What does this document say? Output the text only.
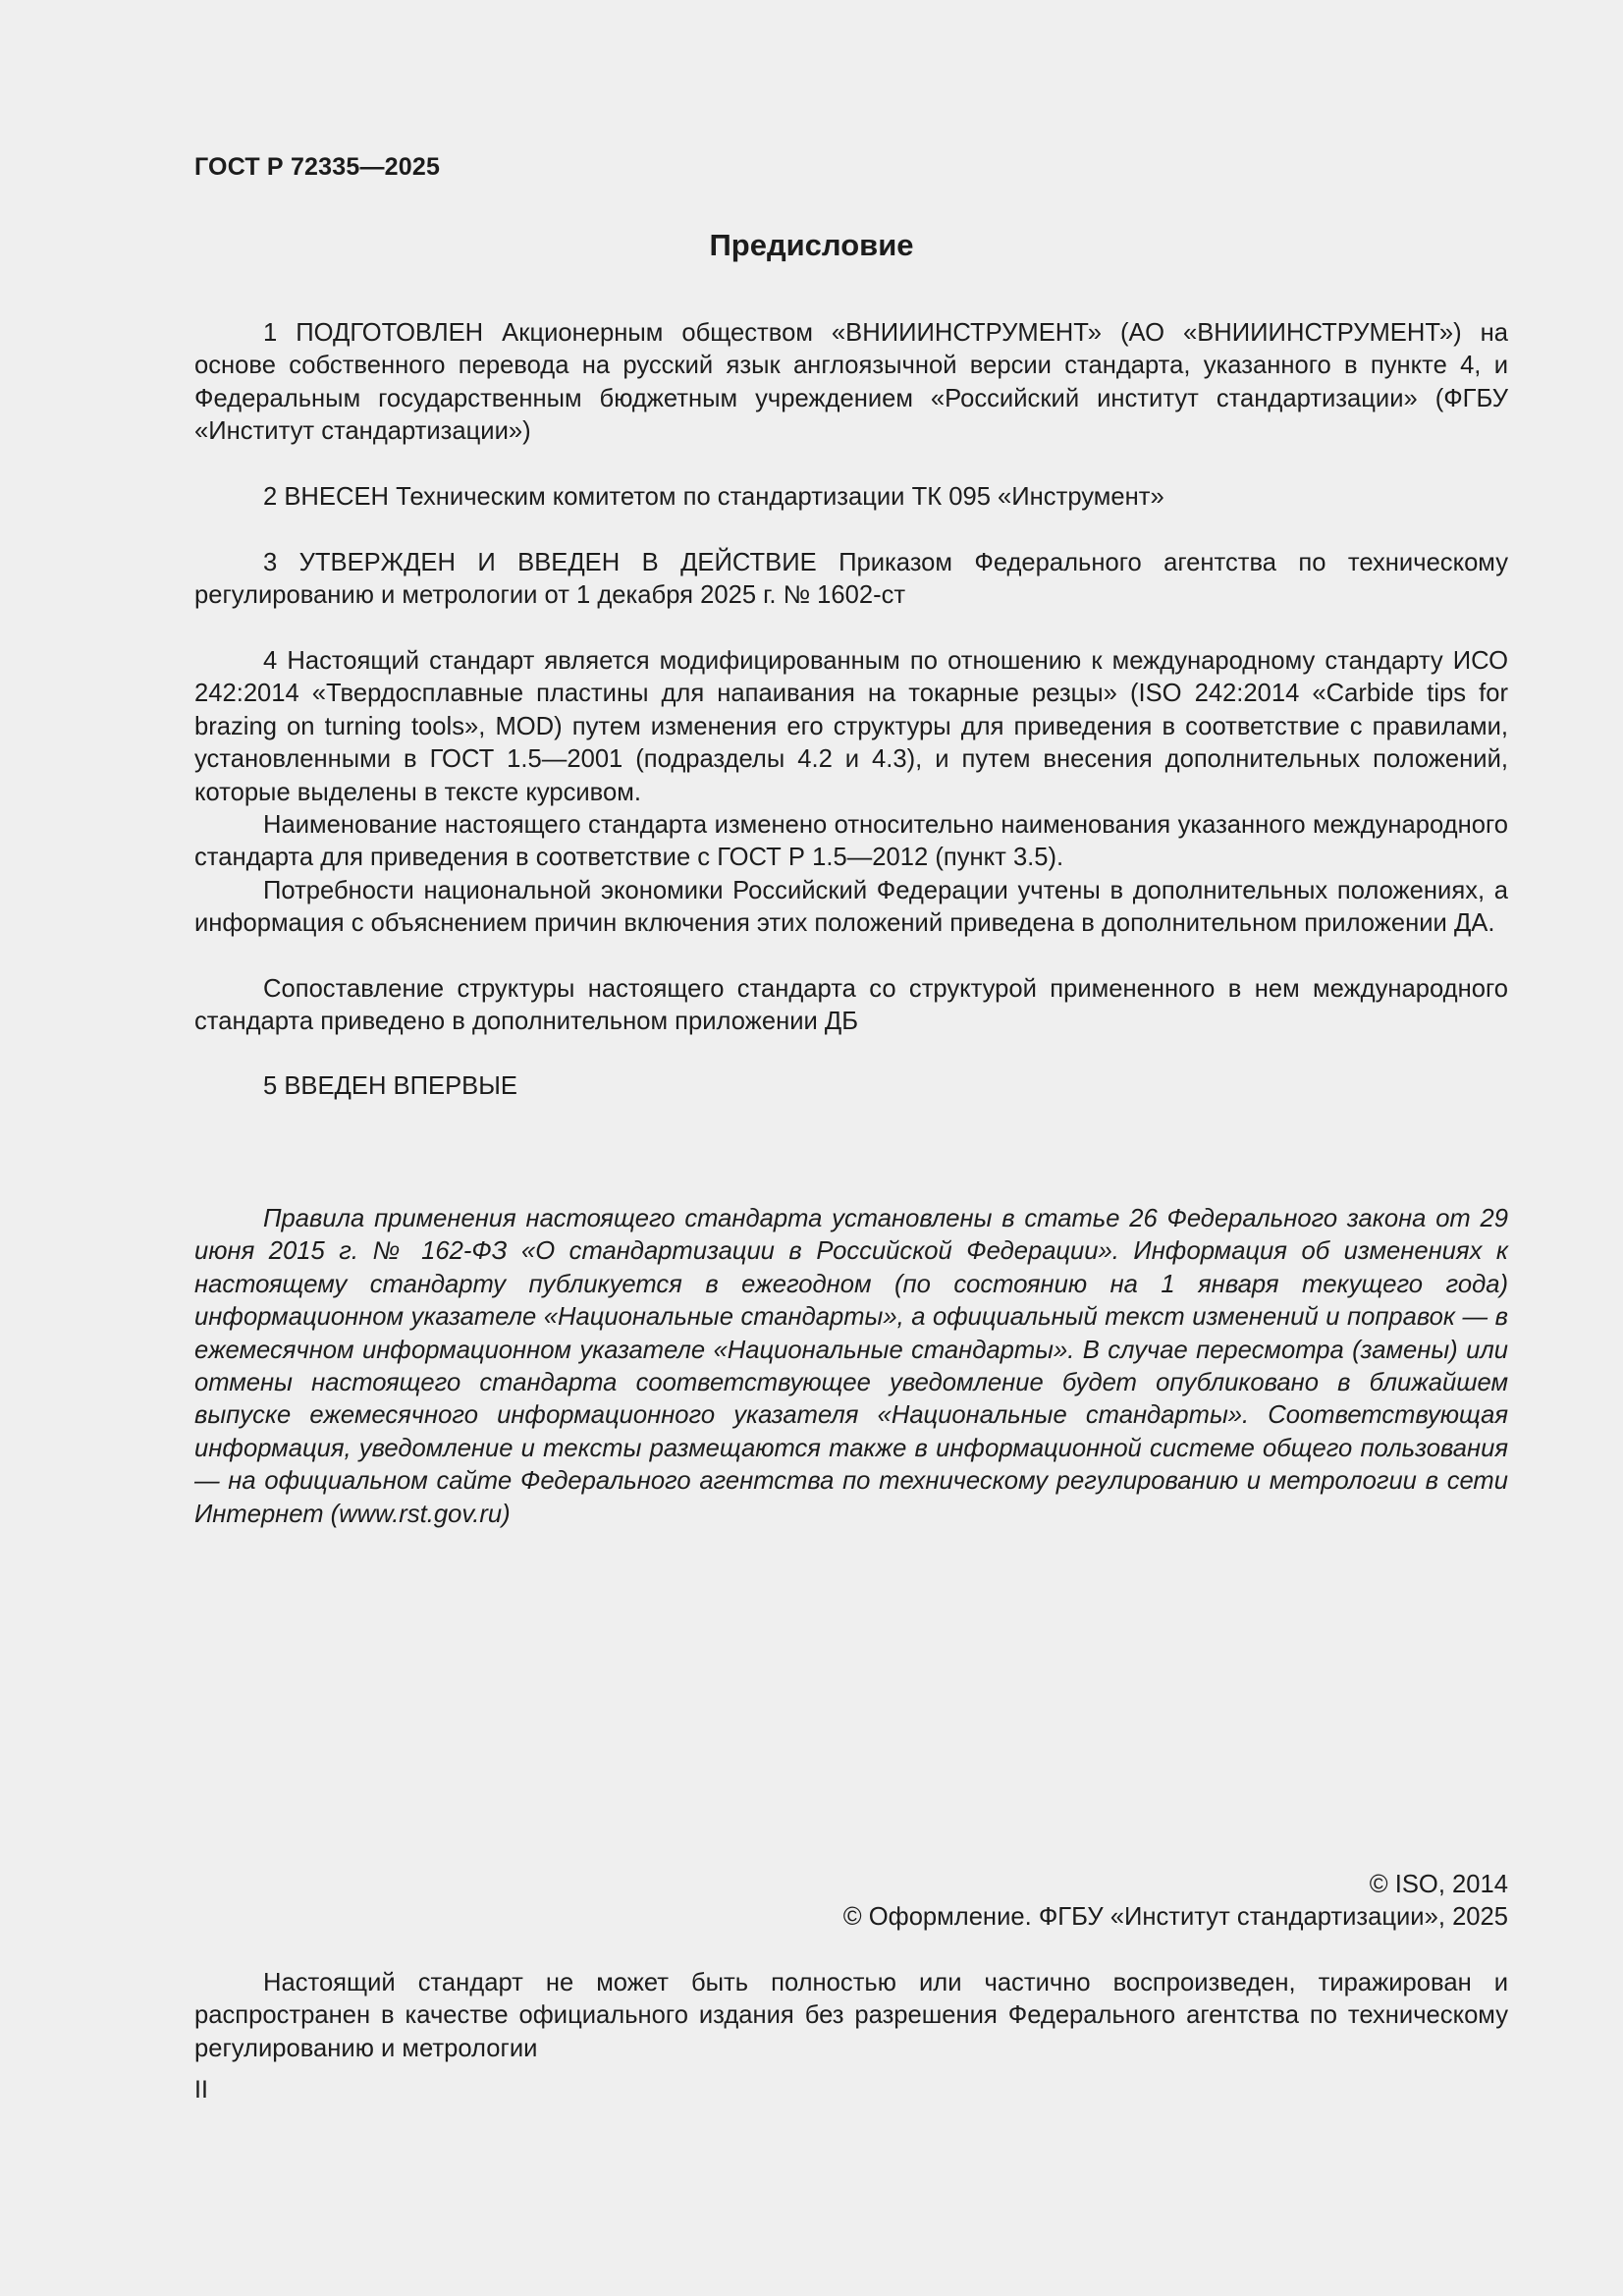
ГОСТ Р 72335—2025
Предисловие

1 ПОДГОТОВЛЕН Акционерным обществом «ВНИИИНСТРУМЕНТ» (АО «ВНИИИНСТРУМЕНТ») на основе собственного перевода на русский язык англоязычной версии стандарта, указанного в пункте 4, и Федеральным государственным бюджетным учреждением «Российский институт стандартизации» (ФГБУ «Институт стандартизации»)

2 ВНЕСЕН Техническим комитетом по стандартизации ТК 095 «Инструмент»

3 УТВЕРЖДЕН И ВВЕДЕН В ДЕЙСТВИЕ Приказом Федерального агентства по техническому регулированию и метрологии от 1 декабря 2025 г. № 1602-ст

4 Настоящий стандарт является модифицированным по отношению к международному стандарту ИСО 242:2014 «Твердосплавные пластины для напаивания на токарные резцы» (ISO 242:2014 «Carbide tips for brazing on turning tools», MOD) путем изменения его структуры для приведения в соответствие с правилами, установленными в ГОСТ 1.5—2001 (подразделы 4.2 и 4.3), и путем внесения дополнительных положений, которые выделены в тексте курсивом.

Наименование настоящего стандарта изменено относительно наименования указанного международного стандарта для приведения в соответствие с ГОСТ Р 1.5—2012 (пункт 3.5).

Потребности национальной экономики Российский Федерации учтены в дополнительных положениях, а информация с объяснением причин включения этих положений приведена в дополнительном приложении ДА.

Сопоставление структуры настоящего стандарта со структурой примененного в нем международного стандарта приведено в дополнительном приложении ДБ

5 ВВЕДЕН ВПЕРВЫЕ

Правила применения настоящего стандарта установлены в статье 26 Федерального закона от 29 июня 2015 г. № 162-ФЗ «О стандартизации в Российской Федерации». Информация об изменениях к настоящему стандарту публикуется в ежегодном (по состоянию на 1 января текущего года) информационном указателе «Национальные стандарты», а официальный текст изменений и поправок — в ежемесячном информационном указателе «Национальные стандарты». В случае пересмотра (замены) или отмены настоящего стандарта соответствующее уведомление будет опубликовано в ближайшем выпуске ежемесячного информационного указателя «Национальные стандарты». Соответствующая информация, уведомление и тексты размещаются также в информационной системе общего пользования — на официальном сайте Федерального агентства по техническому регулированию и метрологии в сети Интернет (www.rst.gov.ru)

© ISO, 2014

© Оформление. ФГБУ «Институт стандартизации», 2025

Настоящий стандарт не может быть полностью или частично воспроизведен, тиражирован и распространен в качестве официального издания без разрешения Федерального агентства по техническому регулированию и метрологии

II
